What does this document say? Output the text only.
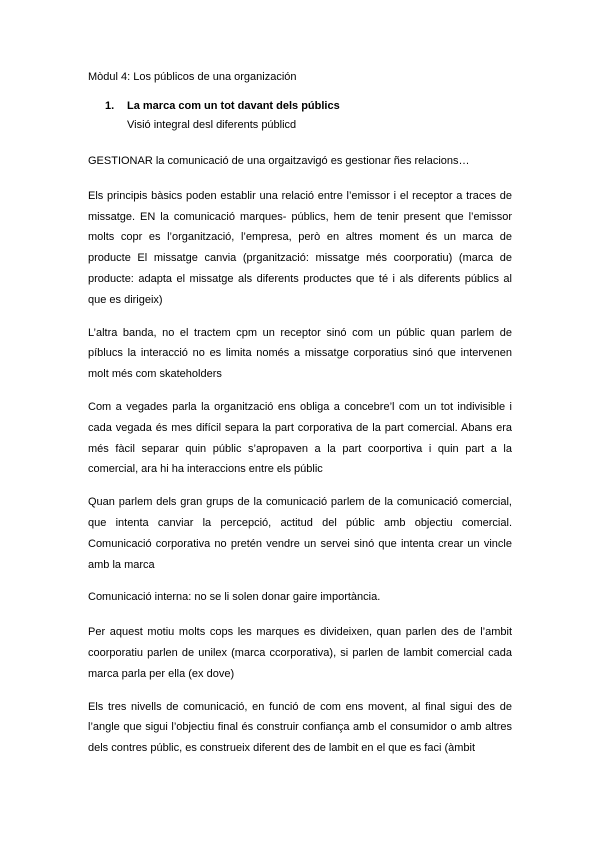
Mòdul 4: Los públicos de una organización
1.	La marca com un tot davant dels públics
Visió integral desl diferents públicd

GESTIONAR la comunicació de una orgaitzavigó es gestionar ñes relacions…

Els principis bàsics poden establir una relació entre l’emissor i el receptor a traces de missatge. EN la comunicació marques- públics, hem de tenir present que l’emissor molts copr es l’organització, l’empresa, però en altres moment és un marca de producte El missatge canvia (prganització: missatge més coorporatiu) (marca de producte: adapta el missatge als diferents productes que té i als diferents públics al que es dirigeix)

L’altra banda, no el tractem cpm un receptor sinó com un públic quan parlem de píblucs la interacció no es limita només a missatge corporatius sinó que intervenen molt més com skateholders

Com a vegades parla la organització ens obliga a concebre’l com un tot indivisible i cada vegada és mes difícil separa la part corporativa de la part comercial. Abans era més fàcil separar quin públic s’apropaven a la part coorportiva i quin part a la comercial, ara hi ha interaccions entre els públic

Quan parlem dels gran grups de la comunicació parlem de la comunicació comercial, que intenta canviar la percepció, actitud del públic amb objectiu comercial. Comunicació corporativa no pretén vendre un servei sinó que intenta crear un vincle amb la marca

Comunicació interna: no se li solen donar gaire importància.

Per aquest motiu molts cops les marques es divideixen, quan parlen des de l’ambit coorporatiu parlen de unilex (marca ccorporativa), si parlen de lambit comercial cada marca parla per ella (ex dove)

Els tres nivells de comunicació, en funció de com ens movent, al final sigui des de l’angle que sigui l’objectiu final és construir confiança amb el consumidor o amb altres dels contres públic, es construeix diferent des de lambit en el que es faci (àmbit
